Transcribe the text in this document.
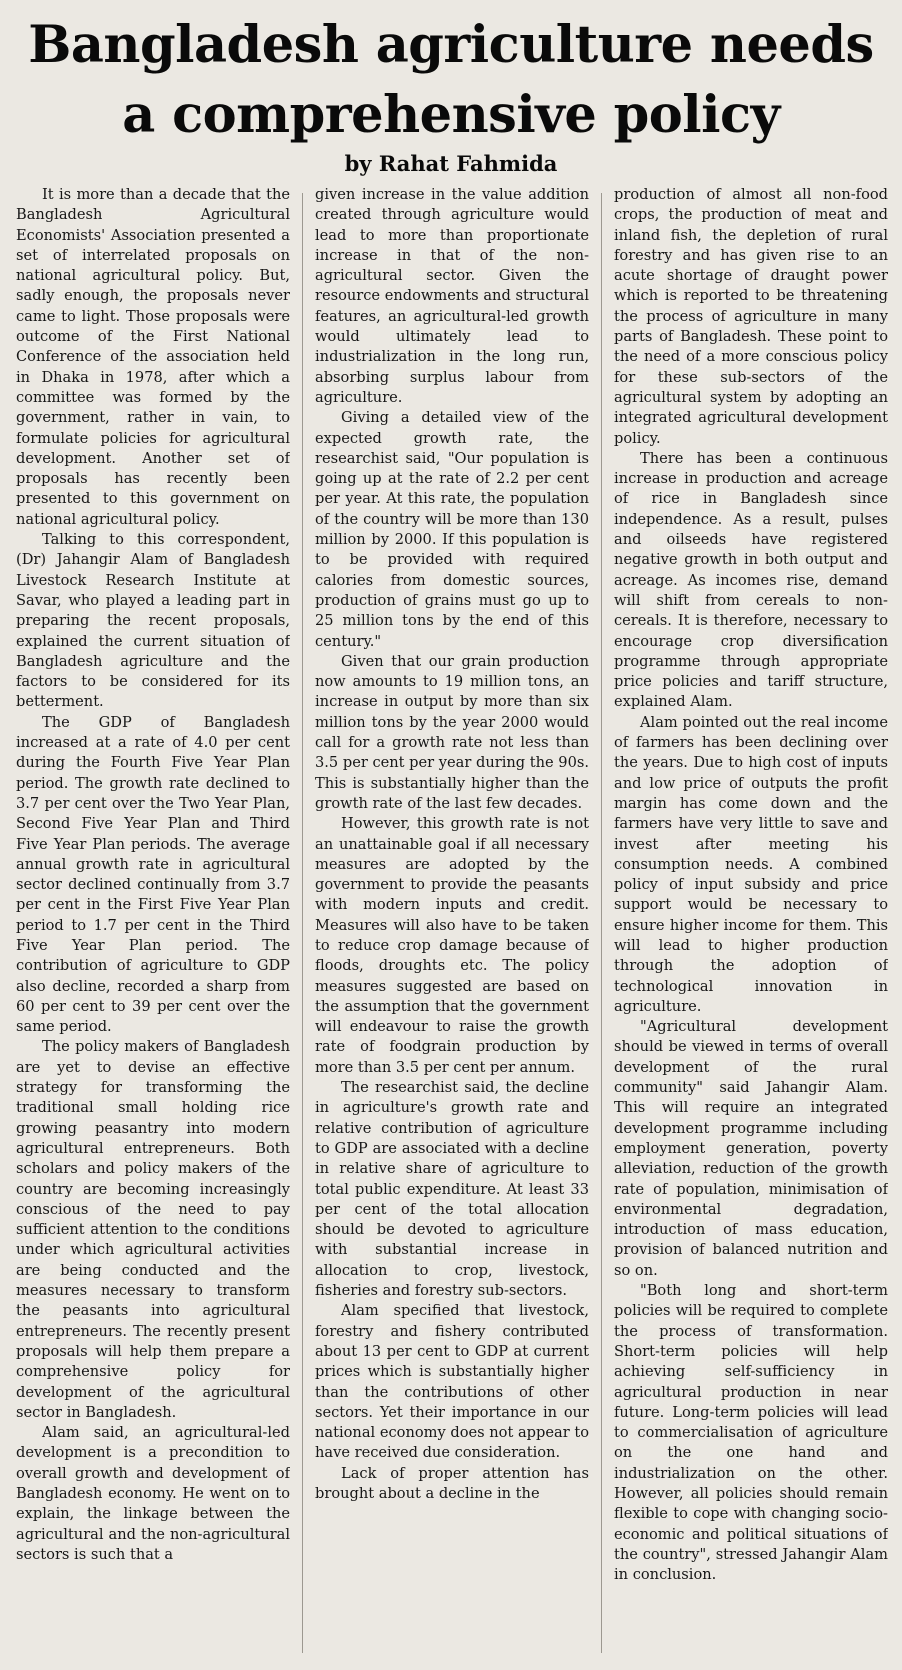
Bangladesh agriculture needs
a comprehensive policy
by Rahat Fahmida

It is more than a decade that the Bangladesh Agricultural Economists' Association presented a set of interrelated proposals on national agricultural policy. But, sadly enough, the proposals never came to light. Those proposals were outcome of the First National Conference of the association held in Dhaka in 1978, after which a committee was formed by the government, rather in vain, to formulate policies for agricultural development. Another set of proposals has recently been presented to this government on national agricultural policy.

Talking to this correspondent,(Dr) Jahangir Alam of Bangladesh Livestock Research Institute at Savar, who played a leading part in preparing the recent proposals, explained the current situation of Bangladesh agriculture and the factors to be considered for its betterment.

The GDP of Bangladesh increased at a rate of 4.0 per cent during the Fourth Five Year Plan period. The growth rate declined to 3.7 per cent over the Two Year Plan, Second Five Year Plan and Third Five Year Plan periods. The average annual growth rate in agricultural sector declined continually from 3.7 per cent in the First Five Year Plan period to 1.7 per cent in the Third Five Year Plan period. The contribution of agriculture to GDP also decline, recorded a sharp from 60 per cent to 39 per cent over the same period.

The policy makers of Bangladesh are yet to devise an effective strategy for transforming the traditional small holding rice growing peasantry into modern agricultural entrepreneurs. Both scholars and policy makers of the country are becoming increasingly conscious of the need to pay sufficient attention to the conditions under which agricultural activities are being conducted and the measures necessary to transform the peasants into agricultural entrepreneurs. The recently present proposals will help them prepare a comprehensive policy for development of the agricultural sector in Bangladesh.

Alam said, an agricultural-led development is a precondition to overall growth and development of Bangladesh economy. He went on to explain, the linkage between the agricultural and the non-agricultural sectors is such that a

given increase in the value addition created through agriculture would lead to more than proportionate increase in that of the non-agricultural sector. Given the resource endowments and structural features, an agricultural-led growth would ultimately lead to industrialization in the long run, absorbing surplus labour from agriculture.

Giving a detailed view of the expected growth rate, the researchist said, "Our population is going up at the rate of 2.2 per cent per year. At this rate, the population of the country will be more than 130 million by 2000. If this population is to be provided with required calories from domestic sources, production of grains must go up to 25 million tons by the end of this century."

Given that our grain production now amounts to 19 million tons, an increase in output by more than six million tons by the year 2000 would call for a growth rate not less than 3.5 per cent per year during the 90s. This is substantially higher than the growth rate of the last few decades.

However, this growth rate is not an unattainable goal if all necessary measures are adopted by the government to provide the peasants with modern inputs and credit. Measures will also have to be taken to reduce crop damage because of floods, droughts etc. The policy measures suggested are based on the assumption that the government will endeavour to raise the growth rate of foodgrain production by more than 3.5 per cent per annum.

The researchist said, the decline in agriculture's growth rate and relative contribution of agriculture to GDP are associated with a decline in relative share of agriculture to total public expenditure. At least 33 per cent of the total allocation should be devoted to agriculture with substantial increase in allocation to crop, livestock, fisheries and forestry sub-sectors.

Alam specified that livestock, forestry and fishery contributed about 13 per cent to GDP at current prices which is substantially higher than the contributions of other sectors. Yet their importance in our national economy does not appear to have received due consideration.

Lack of proper attention has brought about a decline in the

production of almost all non-food crops, the production of meat and inland fish, the depletion of rural forestry and has given rise to an acute shortage of draught power which is reported to be threatening the process of agriculture in many parts of Bangladesh. These point to the need of a more conscious policy for these sub-sectors of the agricultural system by adopting an integrated agricultural development policy.

There has been a continuous increase in production and acreage of rice in Bangladesh since independence. As a result, pulses and oilseeds have registered negative growth in both output and acreage. As incomes rise, demand will shift from cereals to non-cereals. It is therefore, necessary to encourage crop diversification programme through appropriate price policies and tariff structure, explained Alam.

Alam pointed out the real income of farmers has been declining over the years. Due to high cost of inputs and low price of outputs the profit margin has come down and the farmers have very little to save and invest after meeting his consumption needs. A combined policy of input subsidy and price support would be necessary to ensure higher income for them. This will lead to higher production through the adoption of technological innovation in agriculture.

"Agricultural development should be viewed in terms of overall development of the rural community" said Jahangir Alam. This will require an integrated development programme including employment generation, poverty alleviation, reduction of the growth rate of population, minimisation of environmental degradation, introduction of mass education, provision of balanced nutrition and so on.

"Both long and short-term policies will be required to complete the process of transformation. Short-term policies will help achieving self-sufficiency in agricultural production in near future. Long-term policies will lead to commercialisation of agriculture on the one hand and industrialization on the other. However, all policies should remain flexible to cope with changing socio-economic and political situations of the country", stressed Jahangir Alam in conclusion.
